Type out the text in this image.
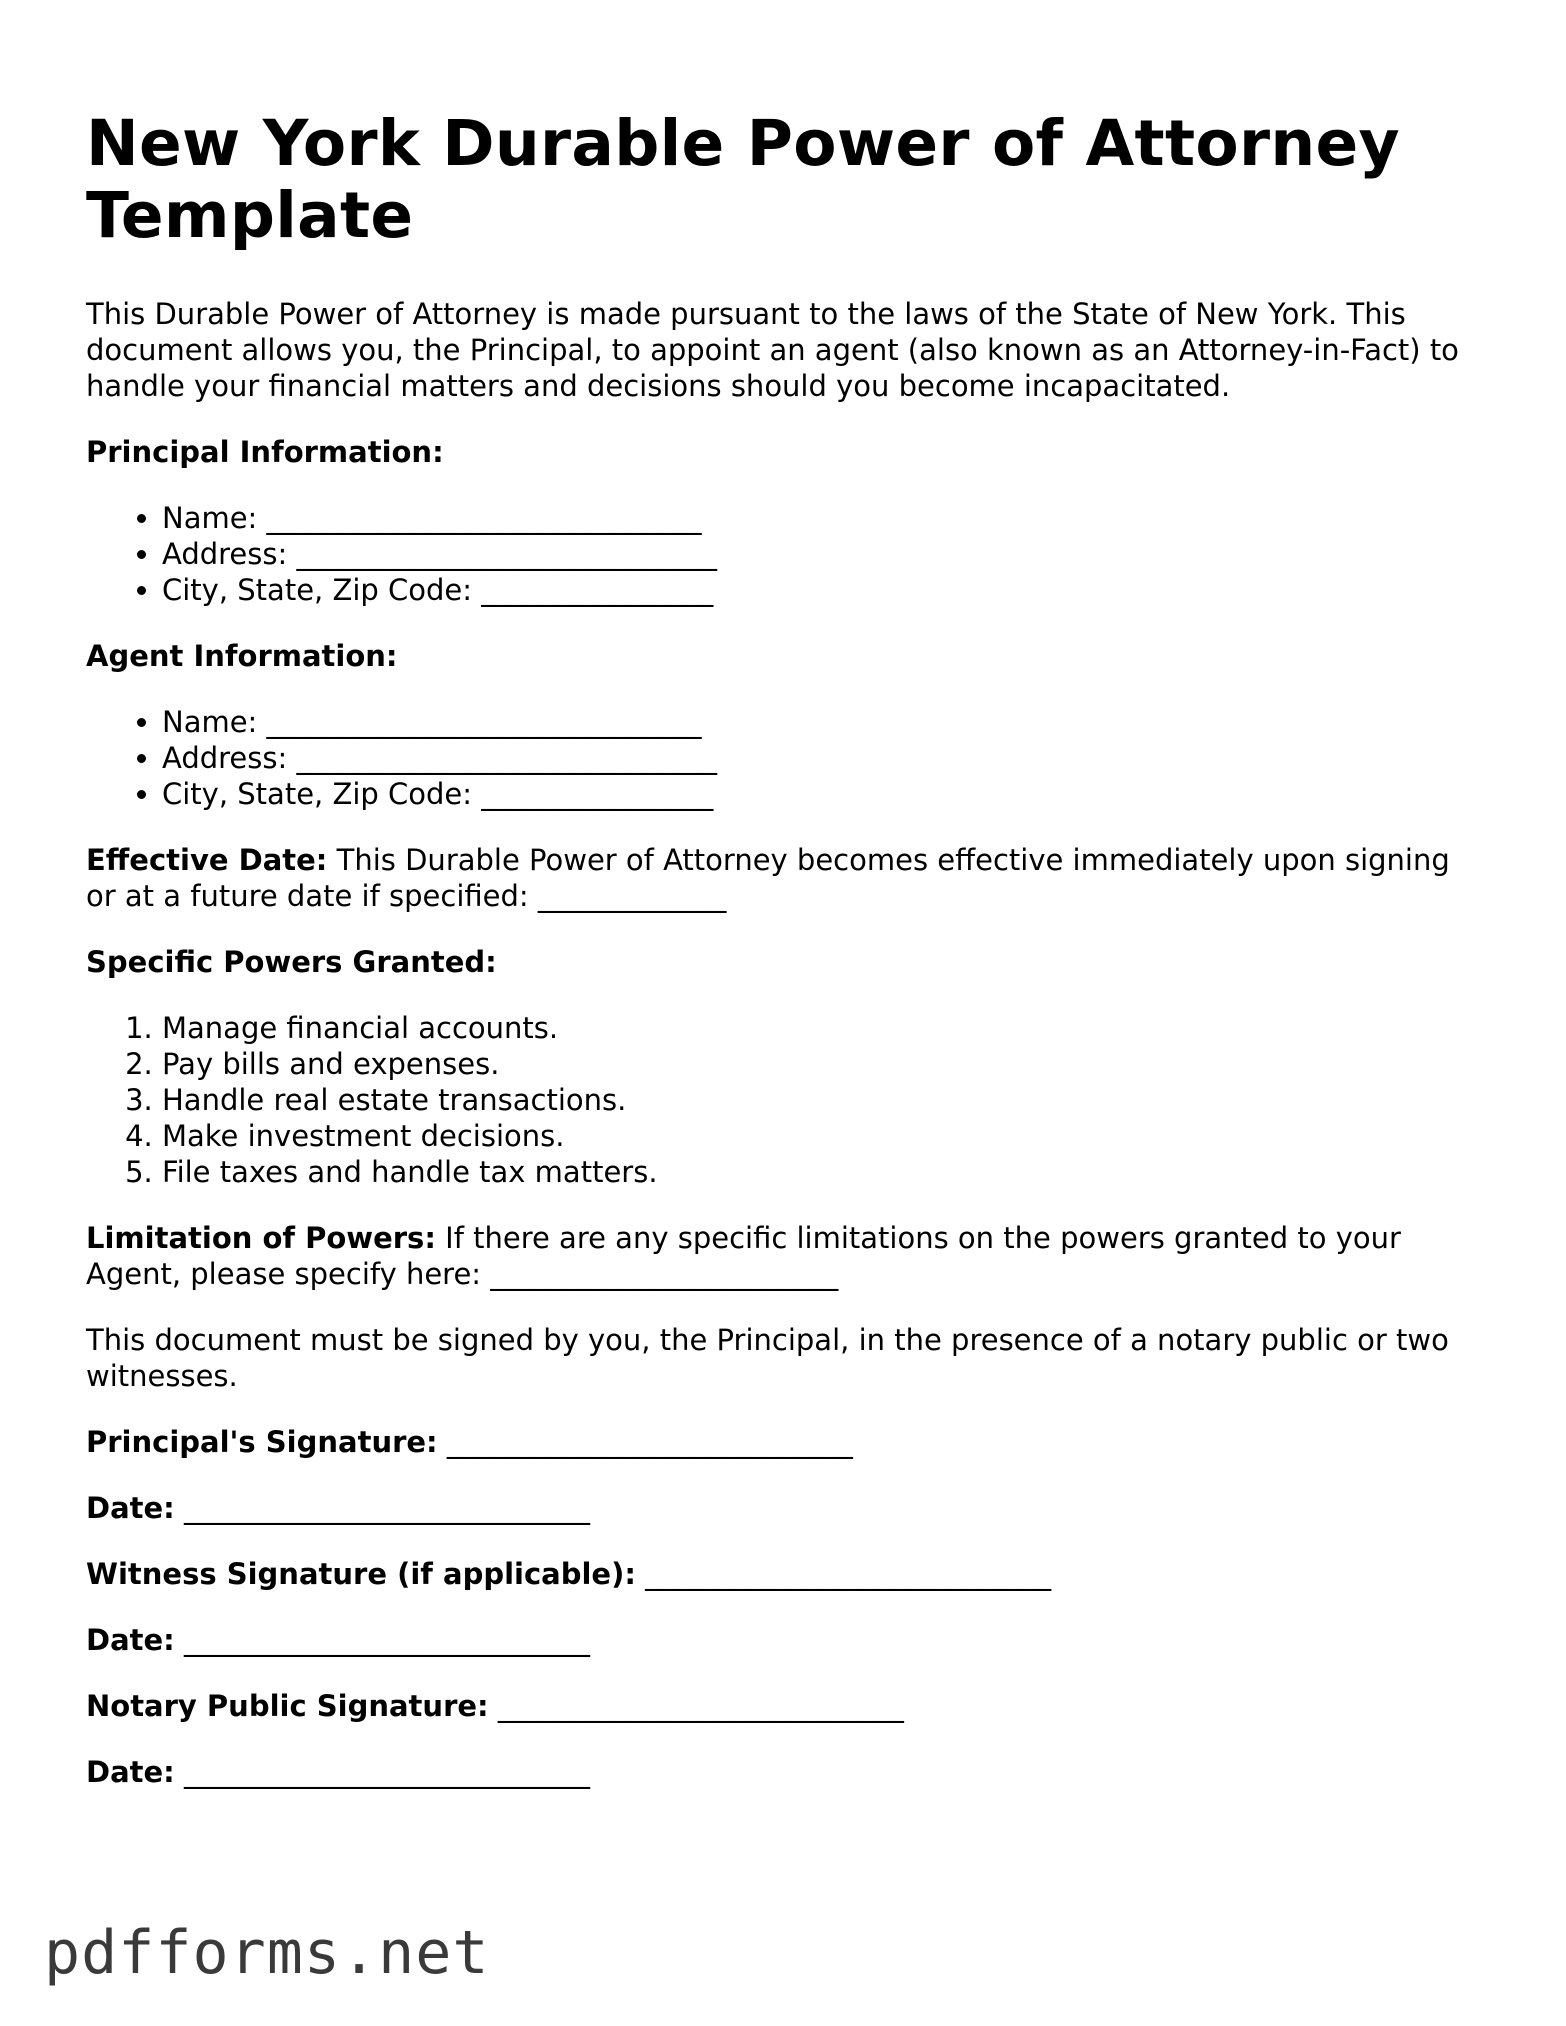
New York Durable Power of Attorney Template

This Durable Power of Attorney is made pursuant to the laws of the State of New York. This document allows you, the Principal, to appoint an agent (also known as an Attorney-in-Fact) to handle your financial matters and decisions should you become incapacitated.

Principal Information:

• Name: ______________________________
• Address: _____________________________
• City, State, Zip Code: ________________

Agent Information:

• Name: ______________________________
• Address: _____________________________
• City, State, Zip Code: ________________

Effective Date: This Durable Power of Attorney becomes effective immediately upon signing or at a future date if specified: _____________

Specific Powers Granted:

1. Manage financial accounts.
2. Pay bills and expenses.
3. Handle real estate transactions.
4. Make investment decisions.
5. File taxes and handle tax matters.

Limitation of Powers: If there are any specific limitations on the powers granted to your Agent, please specify here: ________________________

This document must be signed by you, the Principal, in the presence of a notary public or two witnesses.

Principal's Signature: ____________________________

Date: ____________________________

Witness Signature (if applicable): ____________________________

Date: ____________________________

Notary Public Signature: ____________________________

Date: ____________________________

pdfforms.net
